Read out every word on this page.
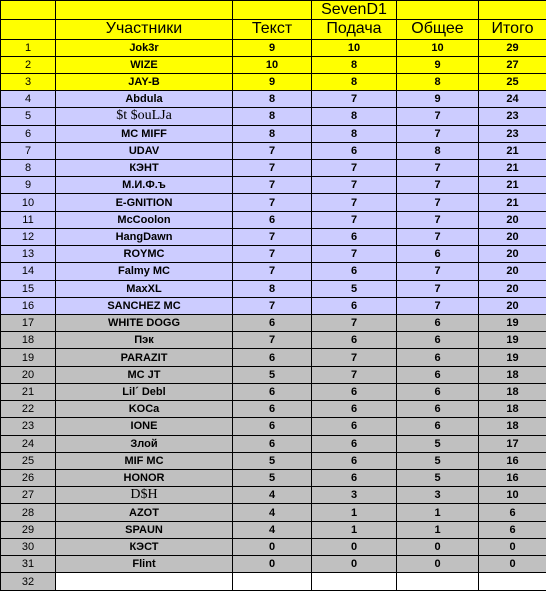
			SevenD1		
	Участники	Текст	Подача	Общее	Итого
1	Jok3r	9	10	10	29
2	WIZE	10	8	9	27
3	JAY-B	9	8	8	25
4	Abdula	8	7	9	24
5	$t $ouLJa	8	8	7	23
6	MC MIFF	8	8	7	23
7	UDAV	7	6	8	21
8	КЭНТ	7	7	7	21
9	М.И.Ф.ъ	7	7	7	21
10	E-GNITION	7	7	7	21
11	McCoolon	6	7	7	20
12	HangDawn	7	6	7	20
13	ROYMC	7	7	6	20
14	Falmy MC	7	6	7	20
15	MaxXL	8	5	7	20
16	SANCHEZ MC	7	6	7	20
17	WHITE DOGG	6	7	6	19
18	Пэк	7	6	6	19
19	PARAZIT	6	7	6	19
20	MC JT	5	7	6	18
21	Lil´ Debl	6	6	6	18
22	KOCa	6	6	6	18
23	IONE	6	6	6	18
24	Злой	6	6	5	17
25	MIF MC	5	6	5	16
26	HONOR	5	6	5	16
27	D$H	4	3	3	10
28	AZOT	4	1	1	6
29	SPAUN	4	1	1	6
30	КЭСТ	0	0	0	0
31	Flint	0	0	0	0
32					
